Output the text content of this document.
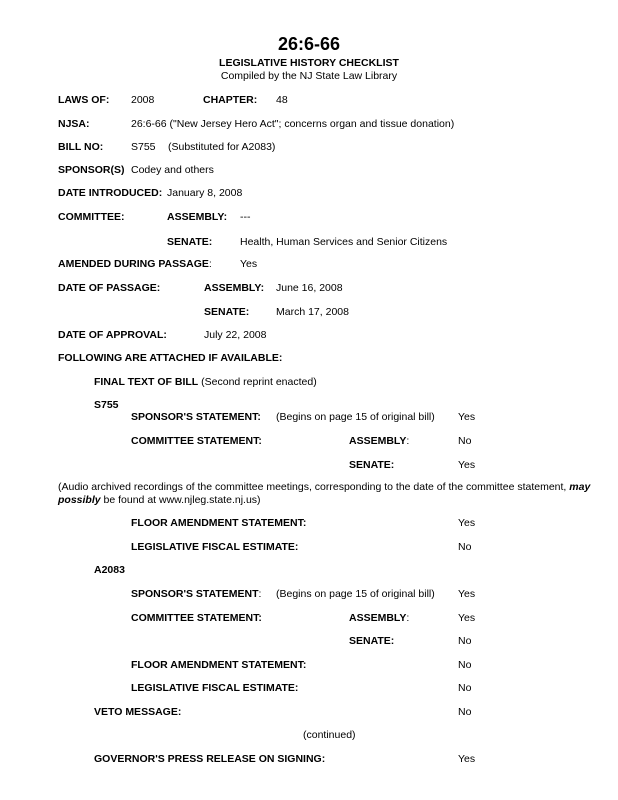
26:6-66
LEGISLATIVE HISTORY CHECKLIST
Compiled by the NJ State Law Library
LAWS OF: 2008	CHAPTER: 48
NJSA:	26:6-66 ("New Jersey Hero Act"; concerns organ and tissue donation)
BILL NO:	S755 (Substituted for A2083)
SPONSOR(S) Codey and others
DATE INTRODUCED: January 8, 2008
COMMITTEE:	ASSEMBLY: ---
SENATE:	Health, Human Services and Senior Citizens
AMENDED DURING PASSAGE:	Yes
DATE OF PASSAGE:	ASSEMBLY: June 16, 2008
SENATE:	March 17, 2008
DATE OF APPROVAL:	July 22, 2008
FOLLOWING ARE ATTACHED IF AVAILABLE:
FINAL TEXT OF BILL (Second reprint enacted)
S755
SPONSOR'S STATEMENT: (Begins on page 15 of original bill) Yes
COMMITTEE STATEMENT:	ASSEMBLY:	No
SENATE:	Yes
(Audio archived recordings of the committee meetings, corresponding to the date of the committee statement, may possibly be found at www.njleg.state.nj.us)
FLOOR AMENDMENT STATEMENT:	Yes
LEGISLATIVE FISCAL ESTIMATE:	No
A2083
SPONSOR'S STATEMENT: (Begins on page 15 of original bill) Yes
COMMITTEE STATEMENT:	ASSEMBLY:	Yes
SENATE:	No
FLOOR AMENDMENT STATEMENT:	No
LEGISLATIVE FISCAL ESTIMATE:	No
VETO MESSAGE:	No
(continued)
GOVERNOR'S PRESS RELEASE ON SIGNING:	Yes
